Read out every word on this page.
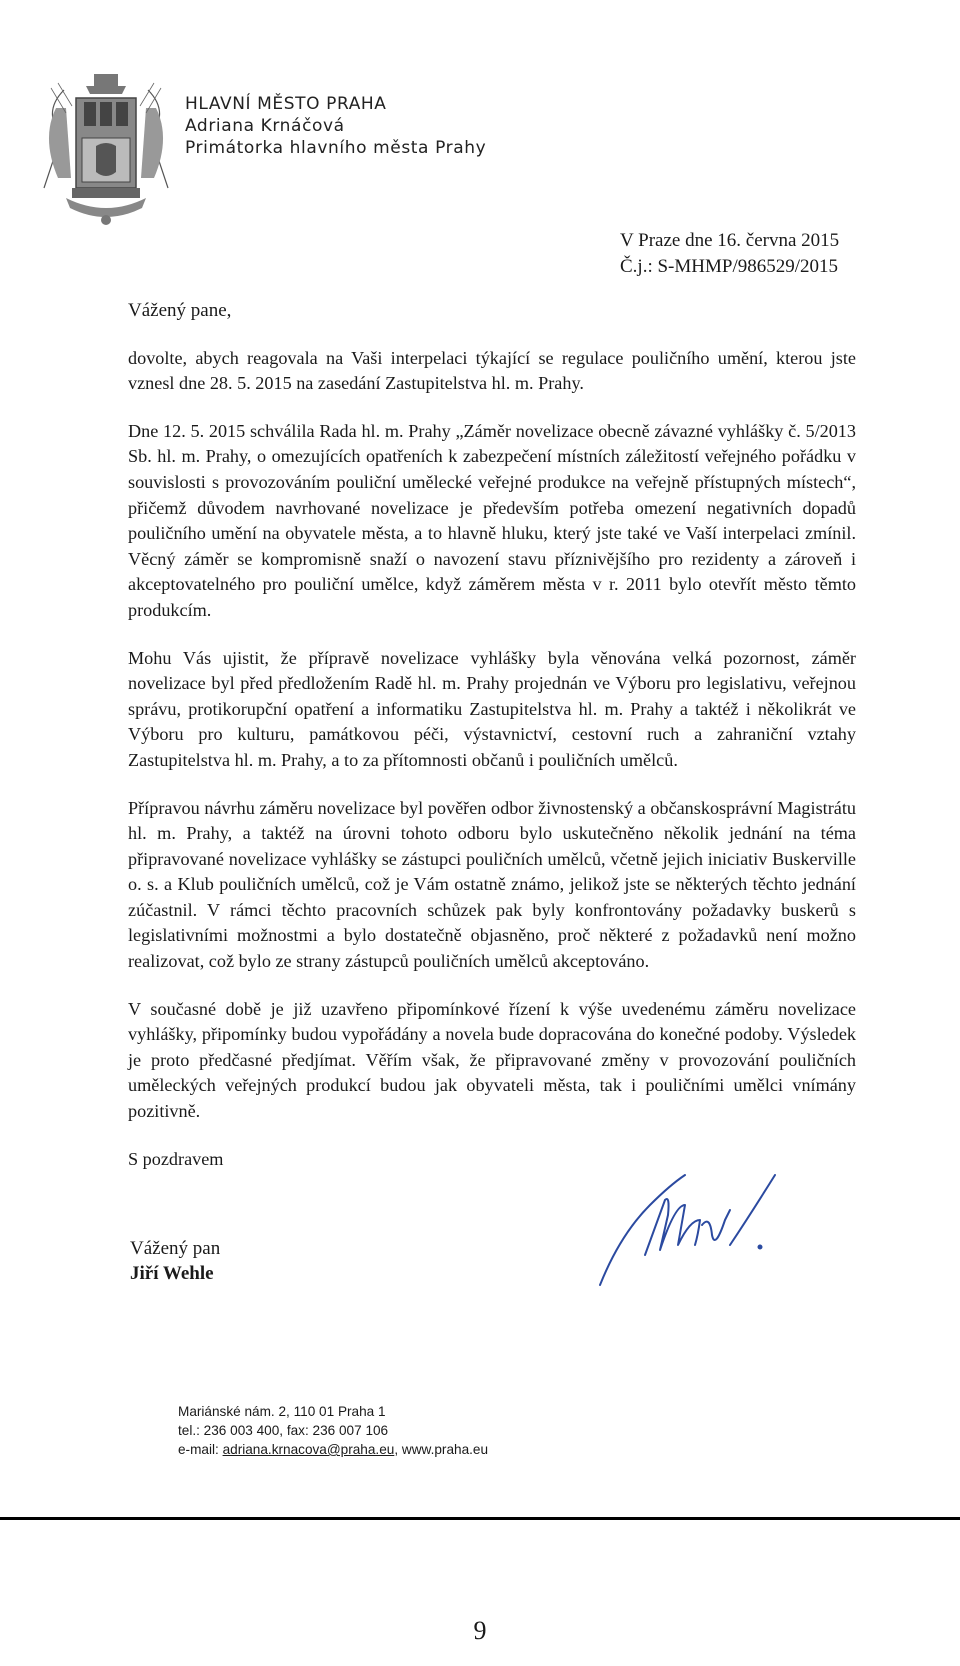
HLAVNÍ MĚSTO PRAHA
Adriana Krnáčová
Primátorka hlavního města Prahy
V Praze dne 16. června 2015
Č.j.: S-MHMP/986529/2015

Vážený pane,

dovolte, abych reagovala na Vaši interpelaci týkající se regulace pouličního umění, kterou jste vznesl dne 28. 5. 2015 na zasedání Zastupitelstva hl. m. Prahy.

Dne 12. 5. 2015 schválila Rada hl. m. Prahy „Záměr novelizace obecně závazné vyhlášky č. 5/2013 Sb. hl. m. Prahy, o omezujících opatřeních k zabezpečení místních záležitostí veřejného pořádku v souvislosti s provozováním pouliční umělecké veřejné produkce na veřejně přístupných místech“, přičemž důvodem navrhované novelizace je především potřeba omezení negativních dopadů pouličního umění na obyvatele města, a to hlavně hluku, který jste také ve Vaší interpelaci zmínil. Věcný záměr se kompromisně snaží o navození stavu příznivějšího pro rezidenty a zároveň i akceptovatelného pro pouliční umělce, když záměrem města v r. 2011 bylo otevřít město těmto produkcím.

Mohu Vás ujistit, že přípravě novelizace vyhlášky byla věnována velká pozornost, záměr novelizace byl před předložením Radě hl. m. Prahy projednán ve Výboru pro legislativu, veřejnou správu, protikorupční opatření a informatiku Zastupitelstva hl. m. Prahy a taktéž i několikrát ve Výboru pro kulturu, památkovou péči, výstavnictví, cestovní ruch a zahraniční vztahy Zastupitelstva hl. m. Prahy, a to za přítomnosti občanů i pouličních umělců.

Přípravou návrhu záměru novelizace byl pověřen odbor živnostenský a občanskosprávní Magistrátu hl. m. Prahy, a taktéž na úrovni tohoto odboru bylo uskutečněno několik jednání na téma připravované novelizace vyhlášky se zástupci pouličních umělců, včetně jejich iniciativ Buskerville o. s. a Klub pouličních umělců, což je Vám ostatně známo, jelikož jste se některých těchto jednání zúčastnil. V rámci těchto pracovních schůzek pak byly konfrontovány požadavky buskerů s legislativními možnostmi a bylo dostatečně objasněno, proč některé z požadavků není možno realizovat, což bylo ze strany zástupců pouličních umělců akceptováno.

V současné době je již uzavřeno připomínkové řízení k výše uvedenému záměru novelizace vyhlášky, připomínky budou vypořádány a novela bude dopracována do konečné podoby. Výsledek je proto předčasné předjímat. Věřím však, že připravované změny v provozování pouličních uměleckých veřejných produkcí budou jak obyvateli města, tak i pouličními umělci vnímány pozitivně.

S pozdravem

Vážený pan
Jiří Wehle
Mariánské nám. 2, 110 01 Praha 1
tel.: 236 003 400, fax: 236 007 106
e-mail: adriana.krnacova@praha.eu, www.praha.eu
9
